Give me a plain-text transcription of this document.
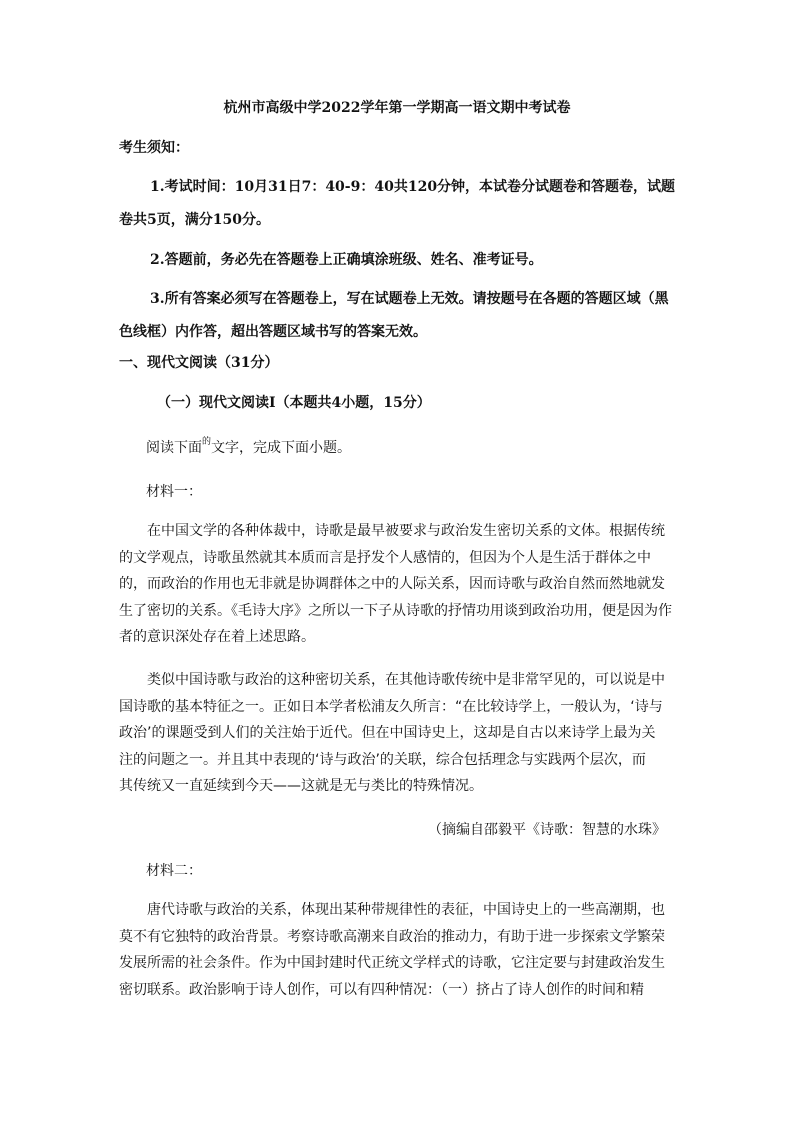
杭州市高级中学2022学年第一学期高一语文期中考试卷
考生须知：
1.考试时间：10月31日7：40-9：40共120分钟，本试卷分试题卷和答题卷，试题
卷共5页，满分150分。
2.答题前，务必先在答题卷上正确填涂班级、姓名、准考证号。
3.所有答案必须写在答题卷上，写在试题卷上无效。请按题号在各题的答题区域（黑
色线框）内作答，超出答题区域书写的答案无效。
一、现代文阅读（31分）
（一）现代文阅读Ⅰ（本题共4小题，15分）
阅读下面$^的$文字，完成下面小题。
材料一：
在中国文学的各种体裁中，诗歌是最早被要求与政治发生密切关系的文体。根据传统
的文学观点，诗歌虽然就其本质而言是抒发个人感情的，但因为个人是生活于群体之中
的，而政治的作用也无非就是协调群体之中的人际关系，因而诗歌与政治自然而然地就发
生了密切的关系。《毛诗大序》之所以一下子从诗歌的抒情功用谈到政治功用，便是因为作
者的意识深处存在着上述思路。
类似中国诗歌与政治的这种密切关系，在其他诗歌传统中是非常罕见的，可以说是中
国诗歌的基本特征之一。正如日本学者松浦友久所言：“在比较诗学上，一般认为，‘诗与
政治’的课题受到人们的关注始于近代。但在中国诗史上，这却是自古以来诗学上最为关
注的问题之一。并且其中表现的‘诗与政治’的关联，综合包括理念与实践两个层次，而
其传统又一直延续到今天——这就是无与类比的特殊情况。
（摘编自邵毅平《诗歌：智慧的水珠》
材料二：
唐代诗歌与政治的关系，体现出某种带规律性的表征，中国诗史上的一些高潮期，也
莫不有它独特的政治背景。考察诗歌高潮来自政治的推动力，有助于进一步探索文学繁荣
发展所需的社会条件。作为中国封建时代正统文学样式的诗歌，它注定要与封建政治发生
密切联系。政治影响于诗人创作，可以有四种情况：（一）挤占了诗人创作的时间和精
